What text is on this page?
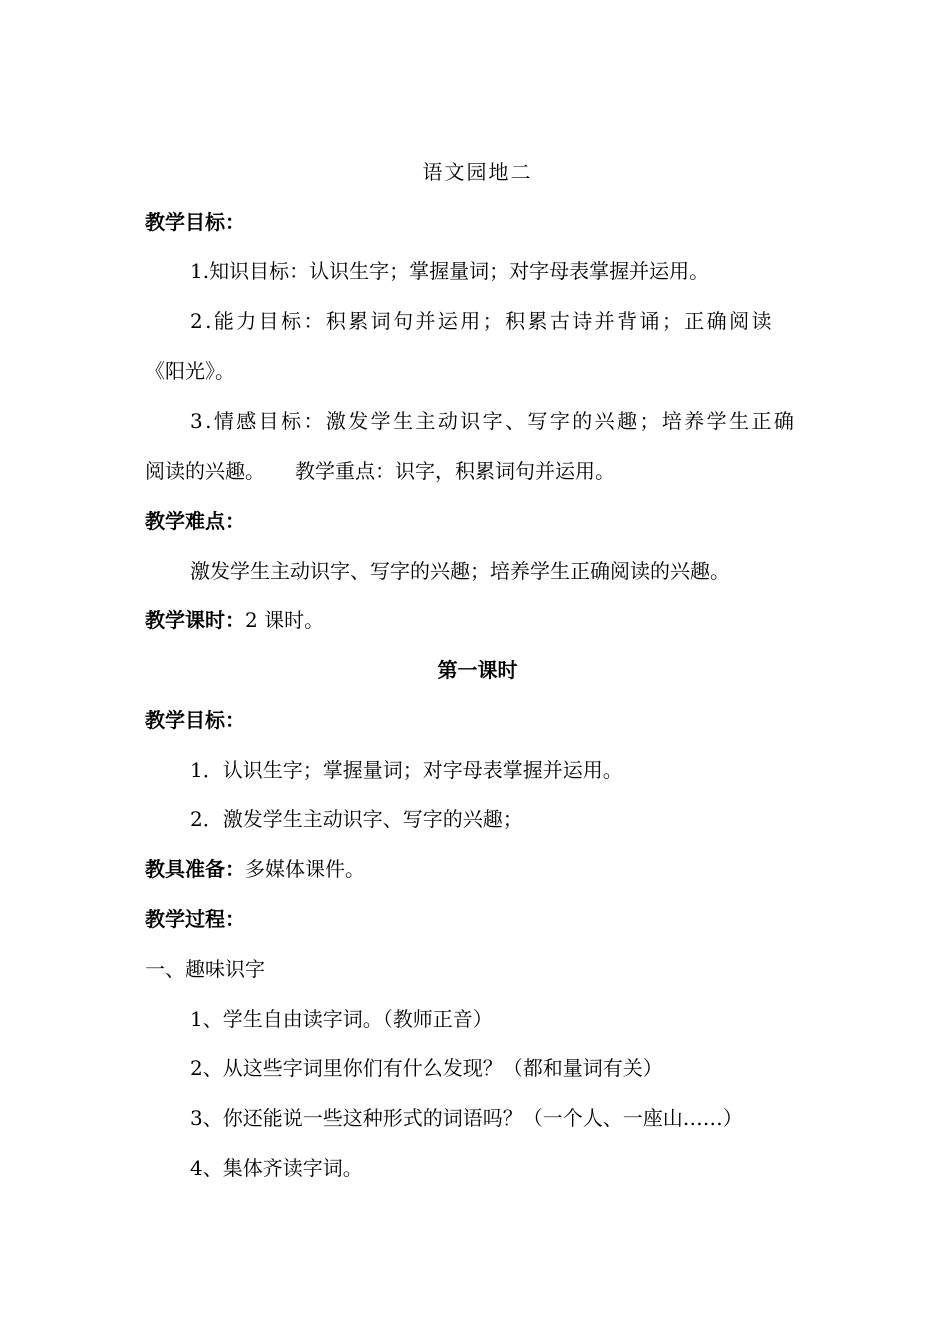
语文园地二
教学目标：
1.知识目标：认识生字；掌握量词；对字母表掌握并运用。
2.能力目标：积累词句并运用；积累古诗并背诵；正确阅读
《阳光》。
3.情感目标：激发学生主动识字、写字的兴趣；培养学生正确
阅读的兴趣。 教学重点：识字，积累词句并运用。
教学难点：
激发学生主动识字、写字的兴趣；培养学生正确阅读的兴趣。
教学课时：2 课时。
第一课时
教学目标：
1．认识生字；掌握量词；对字母表掌握并运用。
2．激发学生主动识字、写字的兴趣；
教具准备：多媒体课件。
教学过程：
一、趣味识字
1、学生自由读字词。（教师正音）
2、从这些字词里你们有什么发现？（都和量词有关）
3、你还能说一些这种形式的词语吗？（一个人、一座山……）
4、集体齐读字词。
